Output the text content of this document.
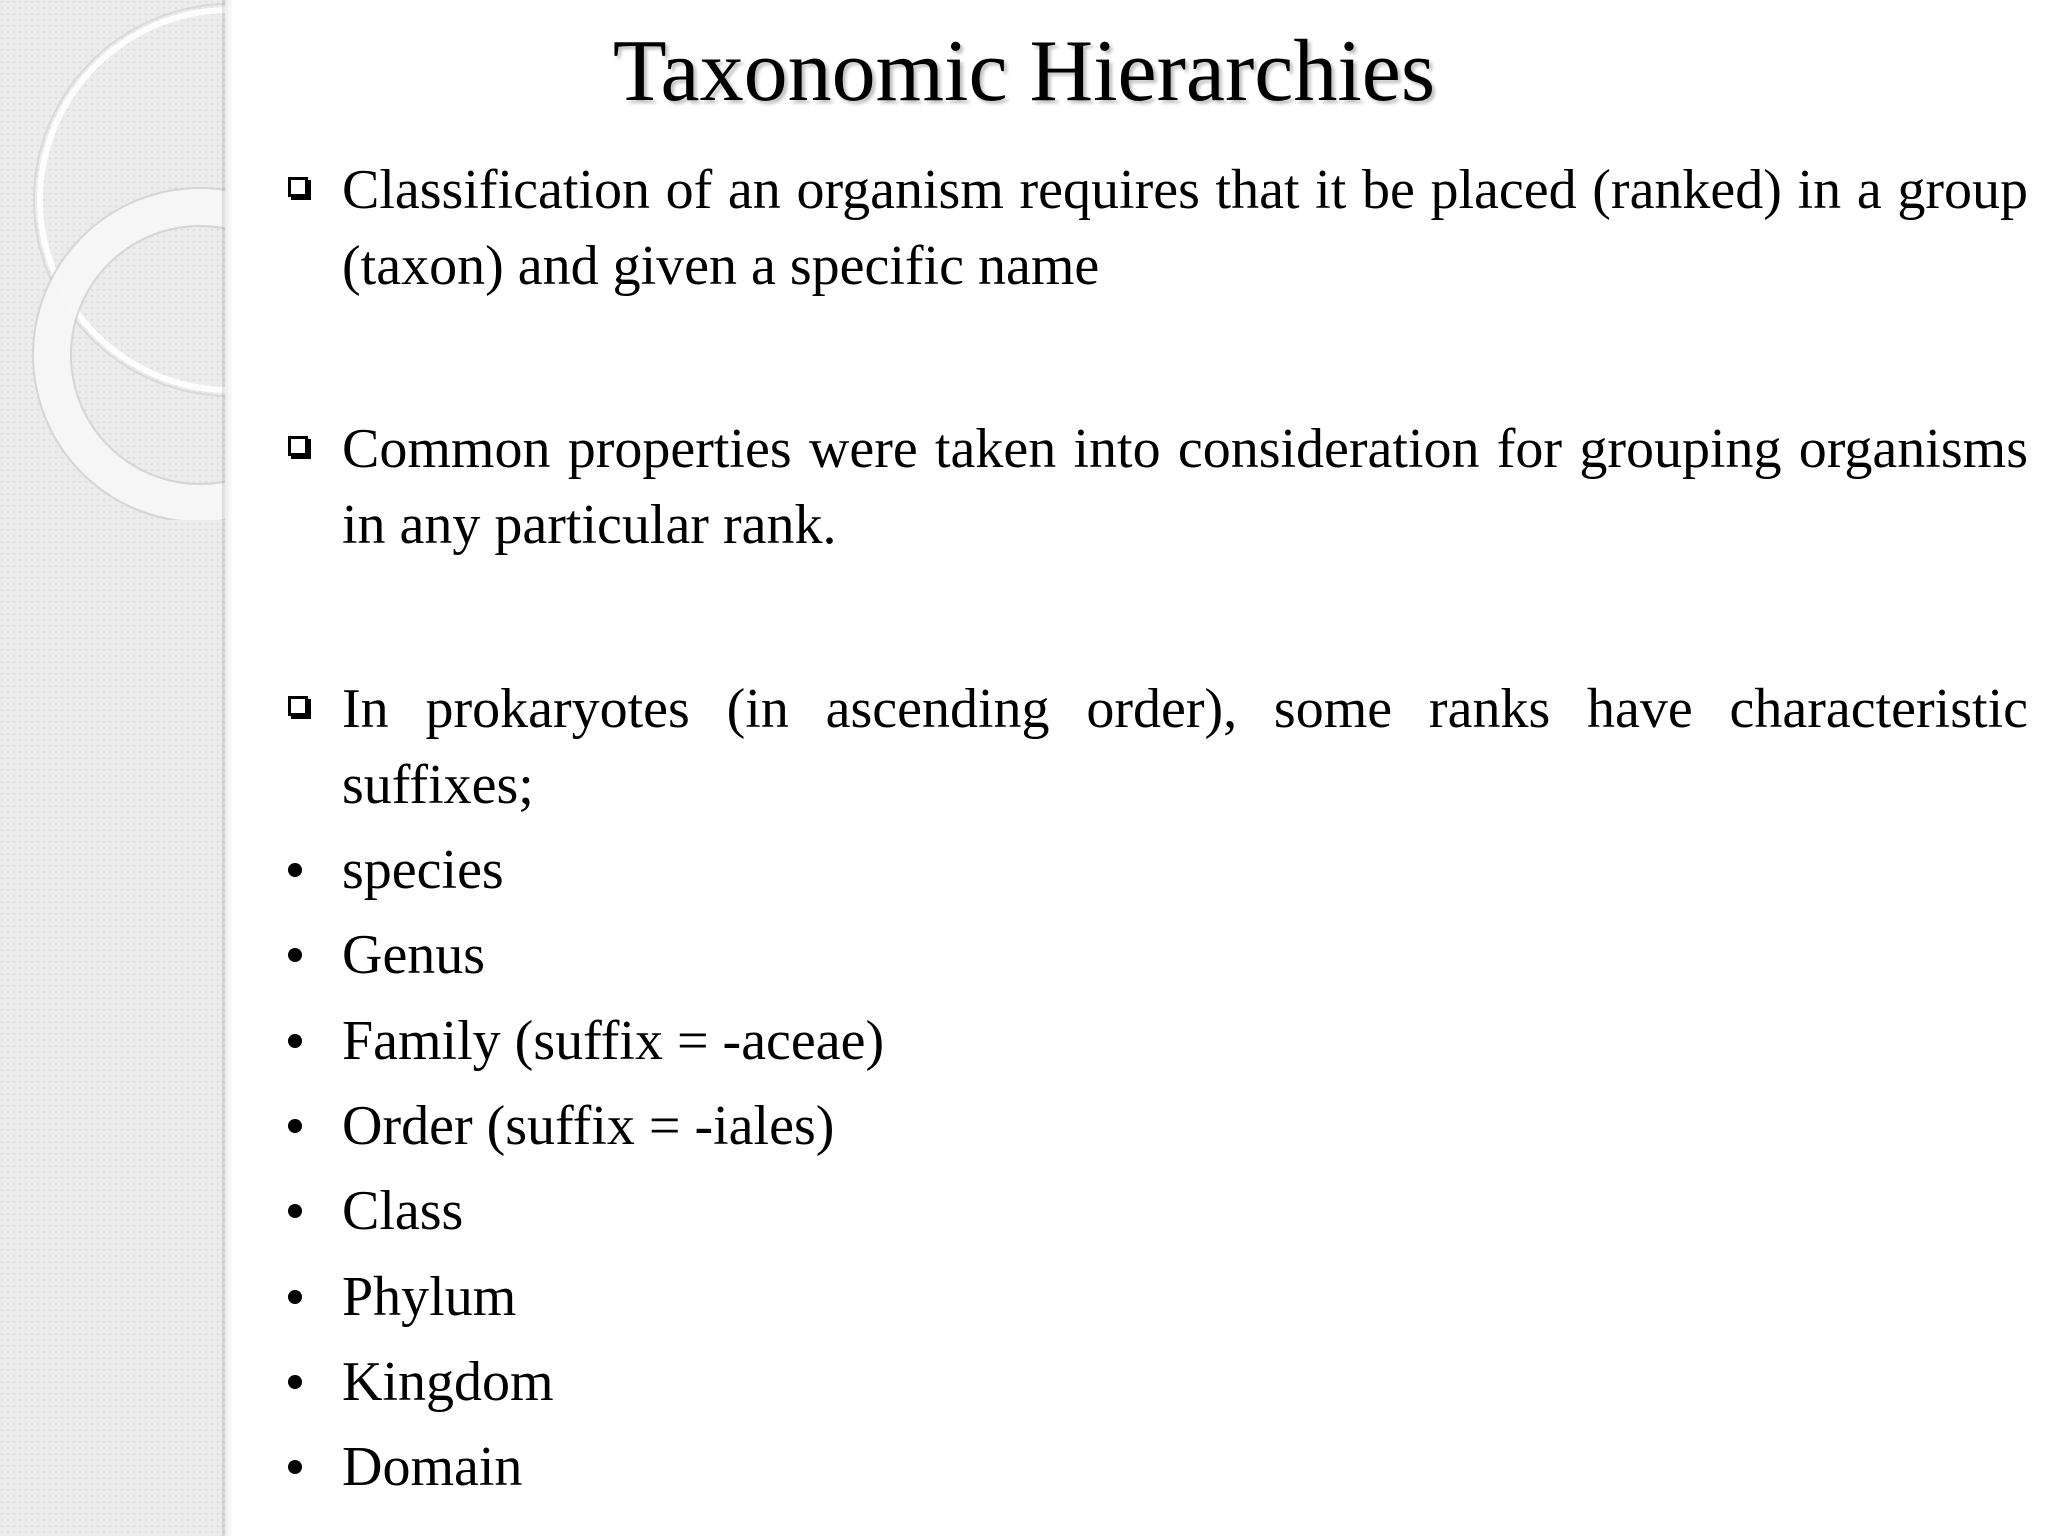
Taxonomic Hierarchies
Classification of an organism requires that it be placed (ranked) in a group (taxon) and given a specific name
Common properties were taken into consideration for grouping organisms in any particular rank.
In prokaryotes (in ascending order), some ranks have characteristic suffixes;
species
Genus
Family (suffix = -aceae)
Order (suffix = -iales)
Class
Phylum
Kingdom
Domain
